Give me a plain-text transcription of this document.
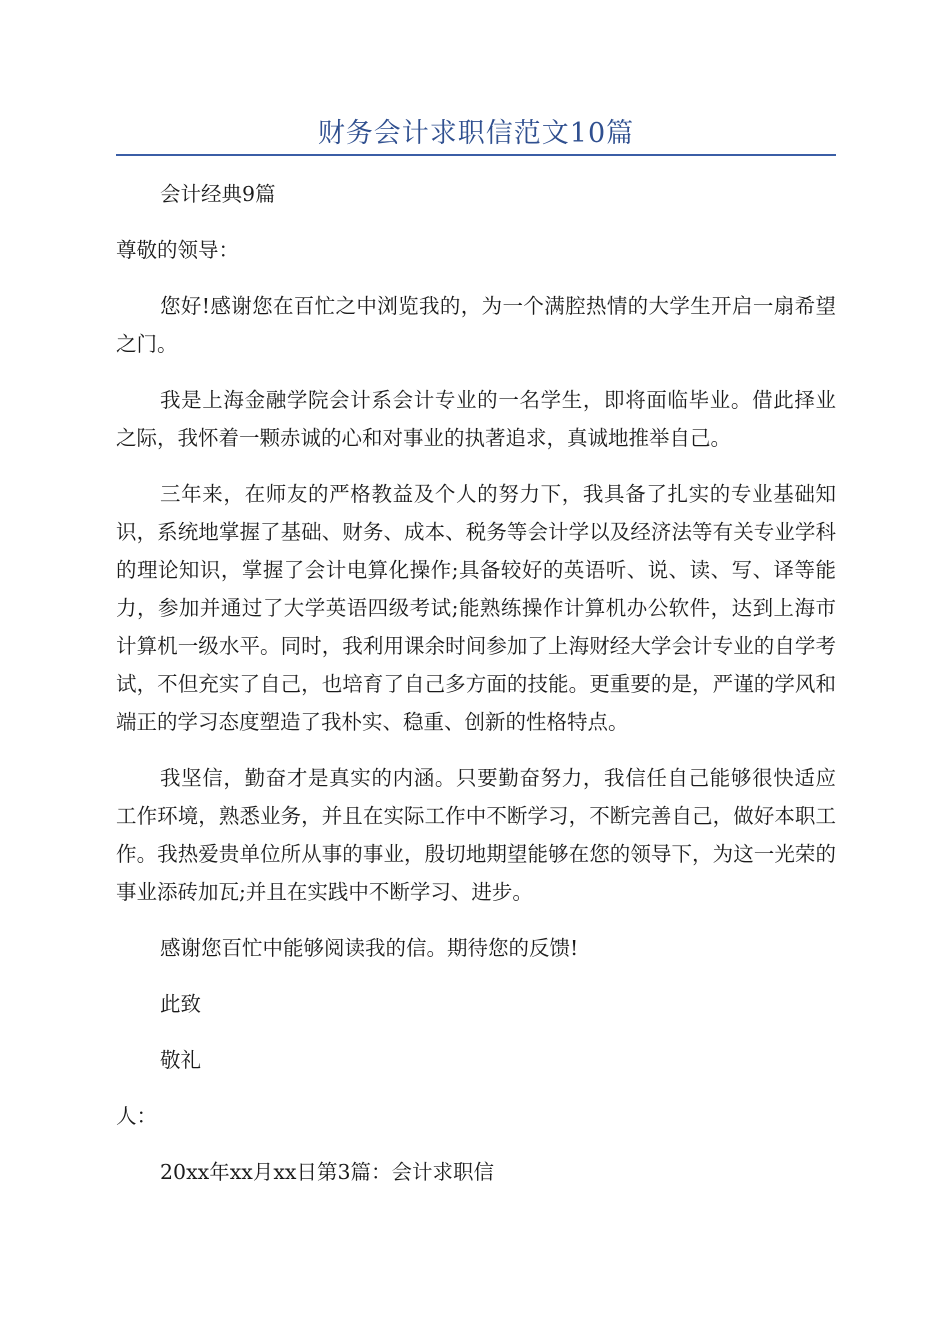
财务会计求职信范文10篇

会计经典9篇

尊敬的领导：

您好!感谢您在百忙之中浏览我的，为一个满腔热情的大学生开启一扇希望之门。

我是上海金融学院会计系会计专业的一名学生，即将面临毕业。借此择业之际，我怀着一颗赤诚的心和对事业的执著追求，真诚地推举自己。

三年来，在师友的严格教益及个人的努力下，我具备了扎实的专业基础知识，系统地掌握了基础、财务、成本、税务等会计学以及经济法等有关专业学科的理论知识，掌握了会计电算化操作;具备较好的英语听、说、读、写、译等能力，参加并通过了大学英语四级考试;能熟练操作计算机办公软件，达到上海市计算机一级水平。同时，我利用课余时间参加了上海财经大学会计专业的自学考试，不但充实了自己，也培育了自己多方面的技能。更重要的是，严谨的学风和端正的学习态度塑造了我朴实、稳重、创新的性格特点。

我坚信，勤奋才是真实的内涵。只要勤奋努力，我信任自己能够很快适应工作环境，熟悉业务，并且在实际工作中不断学习，不断完善自己，做好本职工作。我热爱贵单位所从事的事业，殷切地期望能够在您的领导下，为这一光荣的事业添砖加瓦;并且在实践中不断学习、进步。

感谢您百忙中能够阅读我的信。期待您的反馈!

此致

敬礼

人：

20xx年xx月xx日第3篇：会计求职信
